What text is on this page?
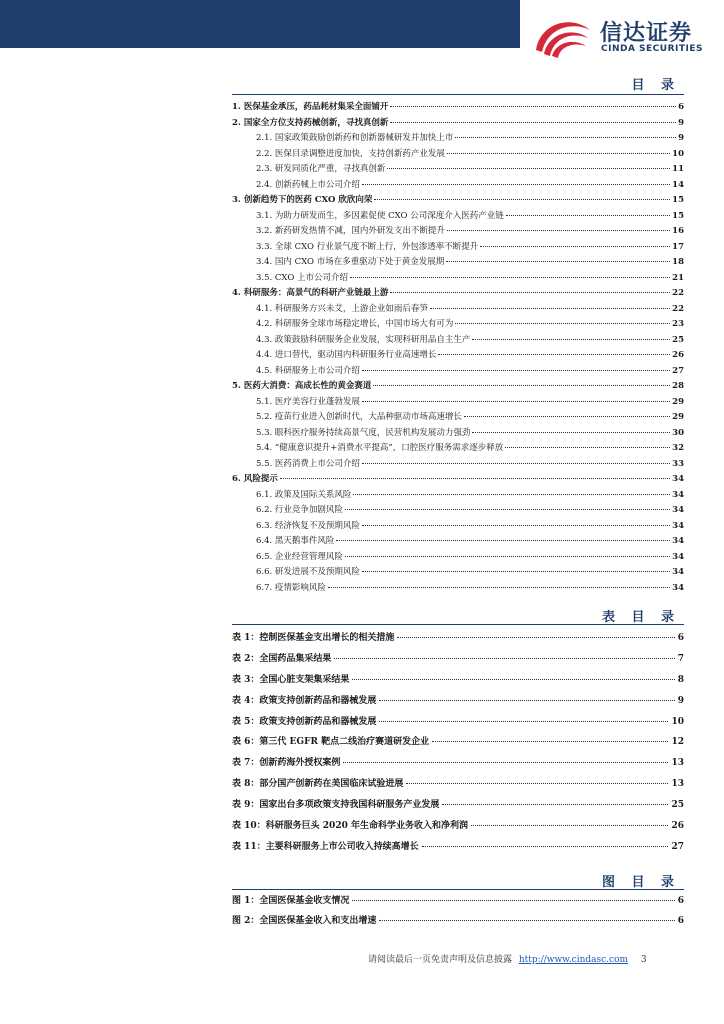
信达证券
CINDA SECURITIES
目 录
1. 医保基金承压，药品耗材集采全面铺开	6
2. 国家全方位支持药械创新，寻找真创新	9
2.1. 国家政策鼓励创新药和创新器械研发并加快上市	9
2.2. 医保目录调整进度加快，支持创新药产业发展	10
2.3. 研发同质化严重，寻找真创新	11
2.4. 创新药械上市公司介绍	14
3. 创新趋势下的医药 CXO 欣欣向荣	15
3.1. 为助力研发而生，多因素促使 CXO 公司深度介入医药产业链	15
3.2. 新药研发热情不减，国内外研发支出不断提升	16
3.3. 全球 CXO 行业景气度不断上行，外包渗透率不断提升	17
3.4. 国内 CXO 市场在多重驱动下处于黄金发展期	18
3.5. CXO 上市公司介绍	21
4. 科研服务：高景气的科研产业链最上游	22
4.1. 科研服务方兴未艾，上游企业如雨后春笋	22
4.2. 科研服务全球市场稳定增长，中国市场大有可为	23
4.3. 政策鼓励科研服务企业发展，实现科研用品自主生产	25
4.4. 进口替代，驱动国内科研服务行业高速增长	26
4.5. 科研服务上市公司介绍	27
5. 医药大消费：高成长性的黄金赛道	28
5.1. 医疗美容行业蓬勃发展	29
5.2. 疫苗行业进入创新时代，大品种驱动市场高速增长	29
5.3. 眼科医疗服务持续高景气度，民营机构发展动力强劲	30
5.4. “健康意识提升+消费水平提高”，口腔医疗服务需求逐步释放	32
5.5. 医药消费上市公司介绍	33
6. 风险提示	34
6.1. 政策及国际关系风险	34
6.2. 行业竞争加剧风险	34
6.3. 经济恢复不及预期风险	34
6.4. 黑天鹅事件风险	34
6.5. 企业经营管理风险	34
6.6. 研发进展不及预期风险	34
6.7. 疫情影响风险	34
表 目 录
表 1：控制医保基金支出增长的相关措施	6
表 2：全国药品集采结果	7
表 3：全国心脏支架集采结果	8
表 4：政策支持创新药品和器械发展	9
表 5：政策支持创新药品和器械发展	10
表 6：第三代 EGFR 靶点二线治疗赛道研发企业	12
表 7：创新药海外授权案例	13
表 8：部分国产创新药在美国临床试验进展	13
表 9：国家出台多项政策支持我国科研服务产业发展	25
表 10：科研服务巨头 2020 年生命科学业务收入和净利润	26
表 11：主要科研服务上市公司收入持续高增长	27
图 目 录
图 1：全国医保基金收支情况	6
图 2：全国医保基金收入和支出增速	6
请阅读最后一页免责声明及信息披露 http://www.cindasc.com 3
